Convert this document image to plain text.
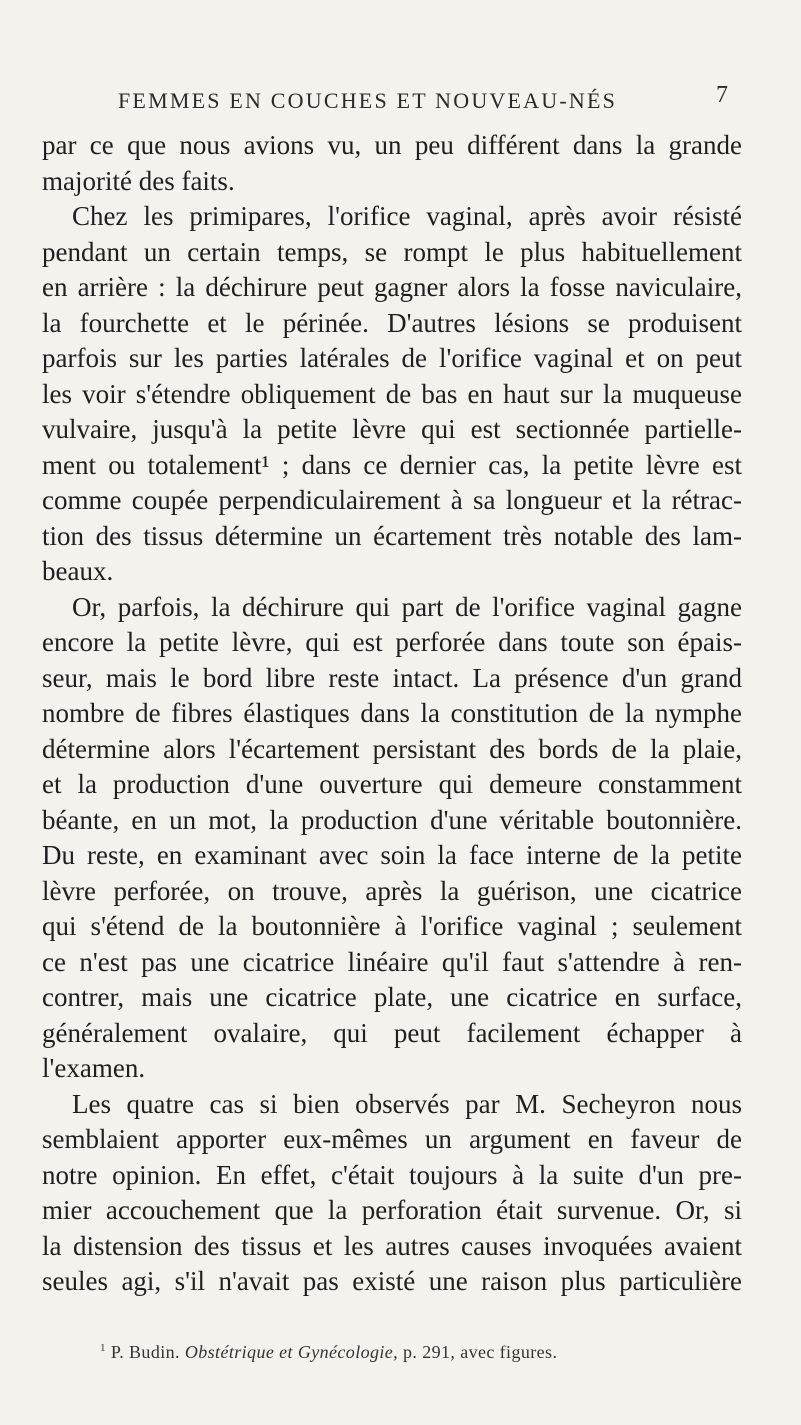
FEMMES EN COUCHES ET NOUVEAU-NÉS	7
par ce que nous avions vu, un peu différent dans la grande
majorité des faits.
Chez les primipares, l'orifice vaginal, après avoir résisté
pendant un certain temps, se rompt le plus habituellement
en arrière : la déchirure peut gagner alors la fosse naviculaire,
la fourchette et le périnée. D'autres lésions se produisent
parfois sur les parties latérales de l'orifice vaginal et on peut
les voir s'étendre obliquement de bas en haut sur la muqueuse
vulvaire, jusqu'à la petite lèvre qui est sectionnée partielle-
ment ou totalement¹ ; dans ce dernier cas, la petite lèvre est
comme coupée perpendiculairement à sa longueur et la rétrac-
tion des tissus détermine un écartement très notable des lam-
beaux.
Or, parfois, la déchirure qui part de l'orifice vaginal gagne
encore la petite lèvre, qui est perforée dans toute son épais-
seur, mais le bord libre reste intact. La présence d'un grand
nombre de fibres élastiques dans la constitution de la nymphe
détermine alors l'écartement persistant des bords de la plaie,
et la production d'une ouverture qui demeure constamment
béante, en un mot, la production d'une véritable boutonnière.
Du reste, en examinant avec soin la face interne de la petite
lèvre perforée, on trouve, après la guérison, une cicatrice
qui s'étend de la boutonnière à l'orifice vaginal ; seulement
ce n'est pas une cicatrice linéaire qu'il faut s'attendre à ren-
contrer, mais une cicatrice plate, une cicatrice en surface,
généralement ovalaire, qui peut facilement échapper à
l'examen.
Les quatre cas si bien observés par M. Secheyron nous
semblaient apporter eux-mêmes un argument en faveur de
notre opinion. En effet, c'était toujours à la suite d'un pre-
mier accouchement que la perforation était survenue. Or, si
la distension des tissus et les autres causes invoquées avaient
seules agi, s'il n'avait pas existé une raison plus particulière
$^1$ P. Budin. Obstétrique et Gynécologie, p. 291, avec figures.
